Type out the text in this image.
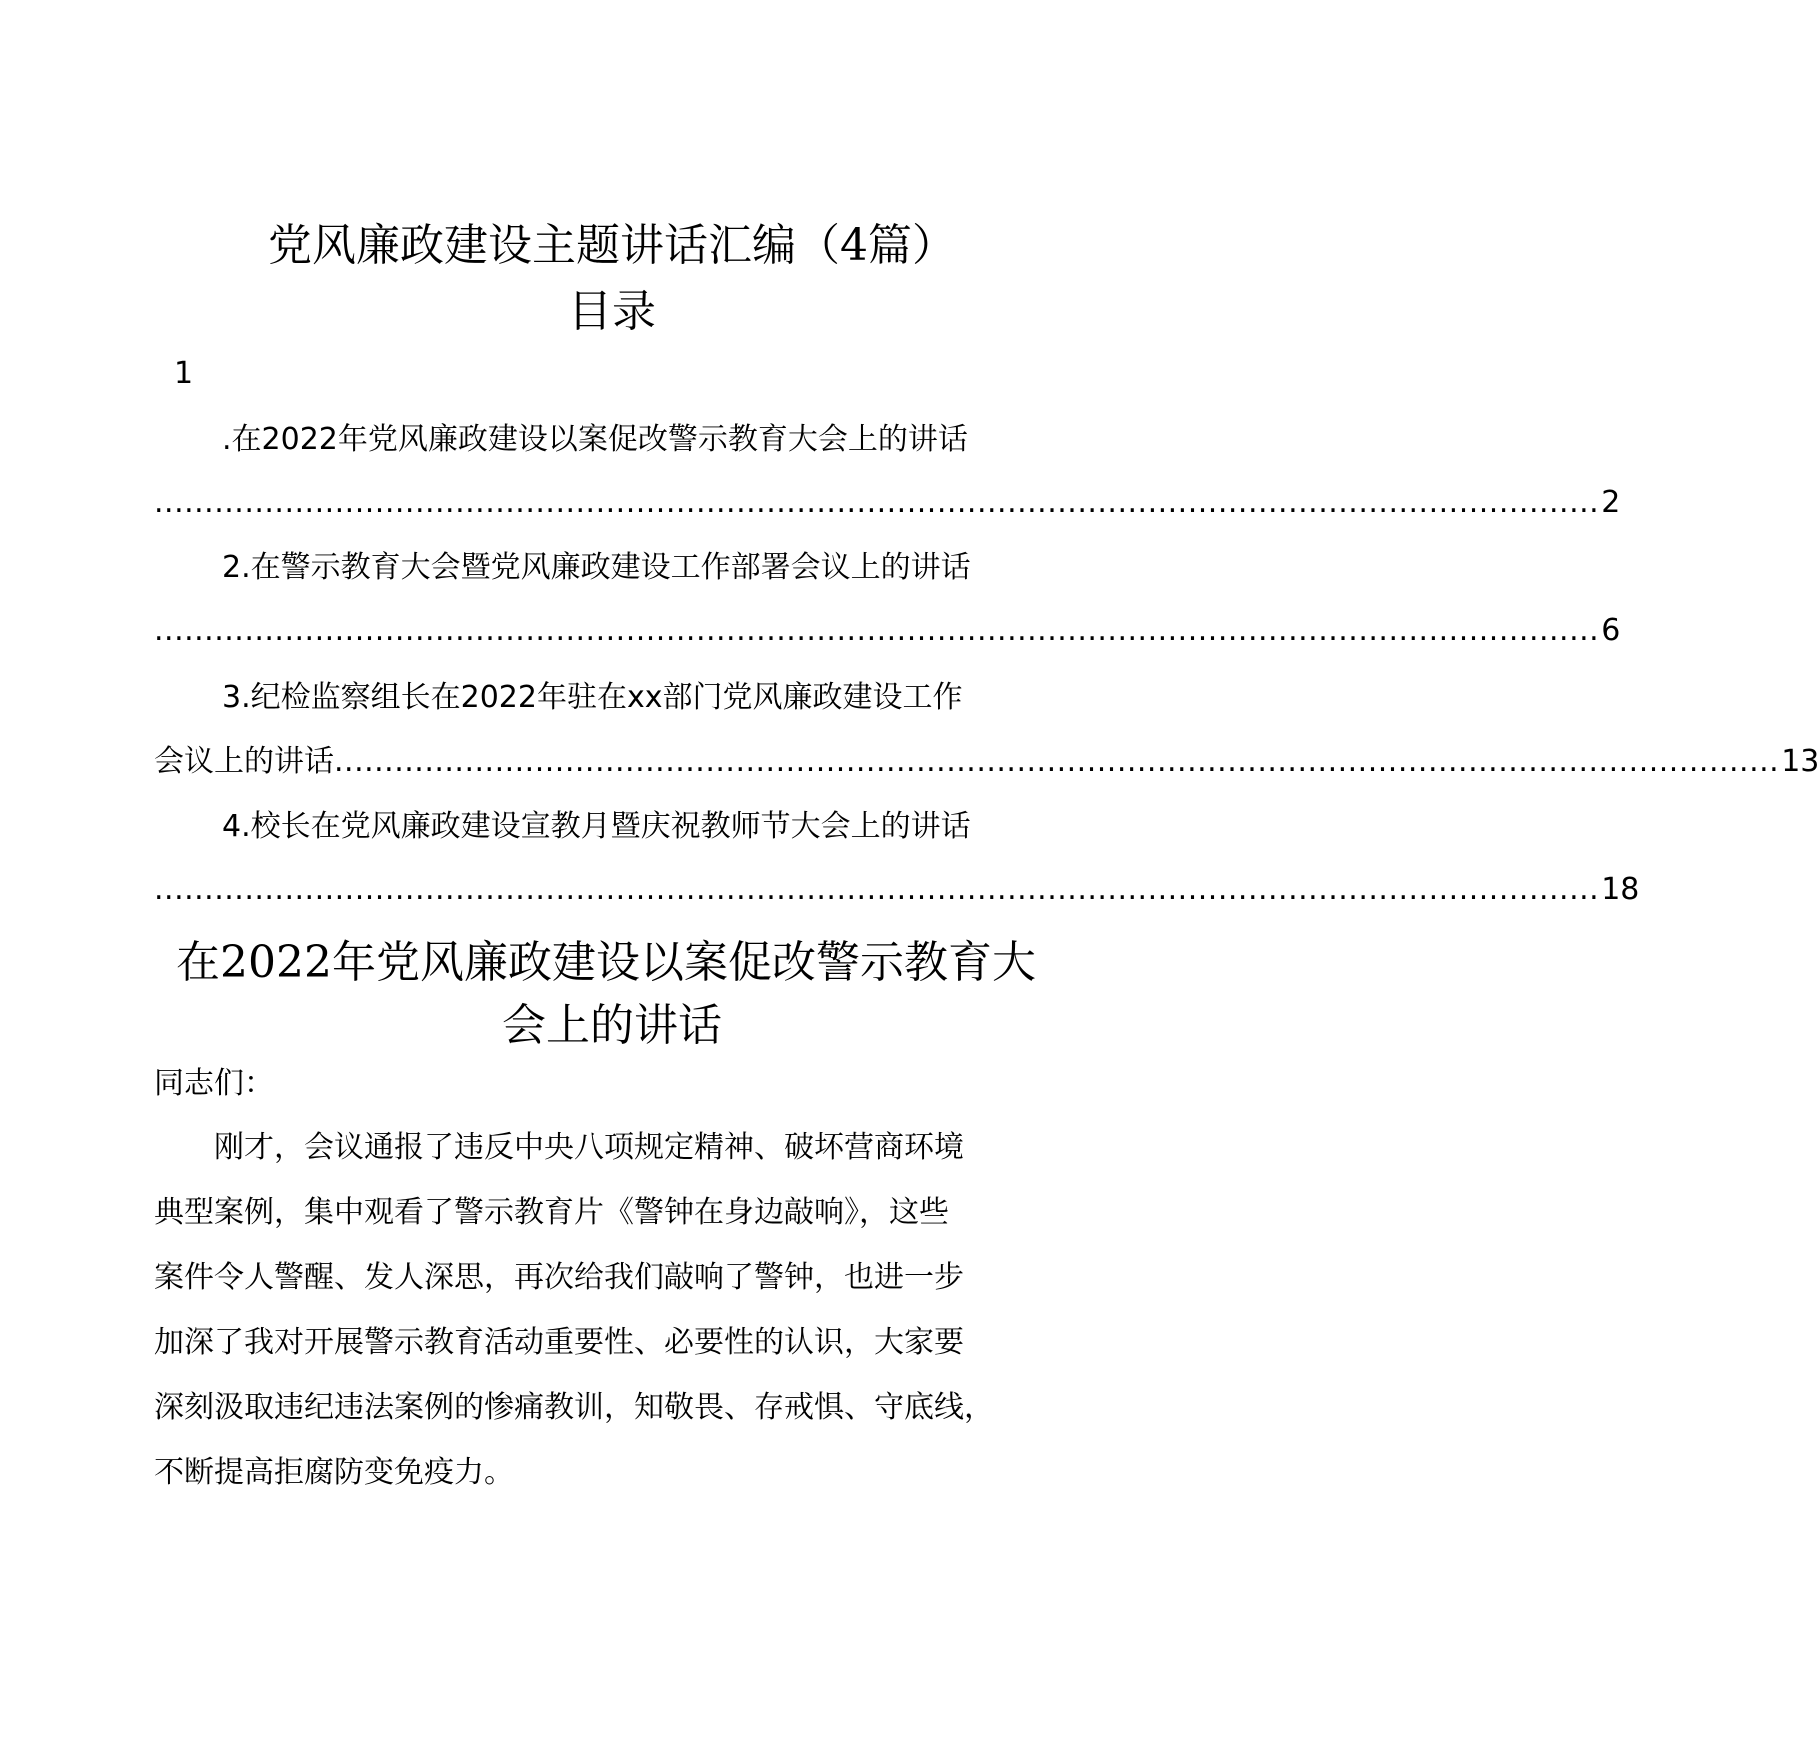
党风廉政建设主题讲话汇编（4篇）
目录
1
.在2022年党风廉政建设以案促改警示教育大会上的讲话
................................................................................................................................................ 2
2.在警示教育大会暨党风廉政建设工作部署会议上的讲话
................................................................................................................................................ 6
3.纪检监察组长在2022年驻在xx部门党风廉政建设工作
会议上的讲话 ................................................................................................................................................ 13
4.校长在党风廉政建设宣教月暨庆祝教师节大会上的讲话
................................................................................................................................................ 18
在2022年党风廉政建设以案促改警示教育大
会上的讲话
同志们：
　　刚才，会议通报了违反中央八项规定精神、破坏营商环境
典型案例，集中观看了警示教育片《警钟在身边敲响》，这些
案件令人警醒、发人深思，再次给我们敲响了警钟，也进一步
加深了我对开展警示教育活动重要性、必要性的认识，大家要
深刻汲取违纪违法案例的惨痛教训，知敬畏、存戒惧、守底线，
不断提高拒腐防变免疫力。
